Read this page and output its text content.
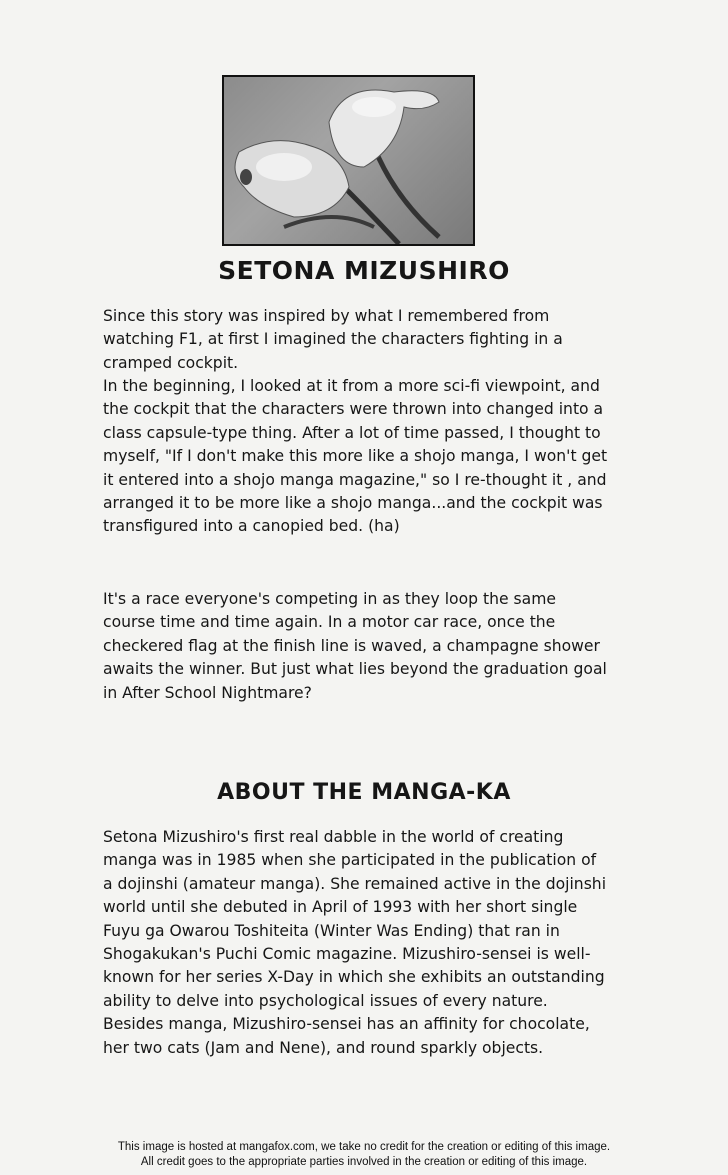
SETONA MIZUSHIRO

Since this story was inspired by what I remembered from watching F1, at first I imagined the characters fighting in a cramped cockpit.

In the beginning, I looked at it from a more sci-fi viewpoint, and the cockpit that the characters were thrown into changed into a class capsule-type thing. After a lot of time passed, I thought to myself, "If I don't make this more like a shojo manga, I won't get it entered into a shojo manga magazine," so I re-thought it , and arranged it to be more like a shojo manga...and the cockpit was transfigured into a canopied bed. (ha)

It's a race everyone's competing in as they loop the same course time and time again. In a motor car race, once the checkered flag at the finish line is waved, a champagne shower awaits the winner. But just what lies beyond the graduation goal in After School Nightmare?

ABOUT THE MANGA-KA

Setona Mizushiro's first real dabble in the world of creating manga was in 1985 when she participated in the publication of a dojinshi (amateur manga). She remained active in the dojinshi world until she debuted in April of 1993 with her short single Fuyu ga Owarou Toshiteita (Winter Was Ending) that ran in Shogakukan's Puchi Comic magazine. Mizushiro-sensei is well-known for her series X-Day in which she exhibits an outstanding ability to delve into psychological issues of every nature. Besides manga, Mizushiro-sensei has an affinity for chocolate, her two cats (Jam and Nene), and round sparkly objects.

This image is hosted at mangafox.com, we take no credit for the creation or editing of this image.
All credit goes to the appropriate parties involved in the creation or editing of this image.
